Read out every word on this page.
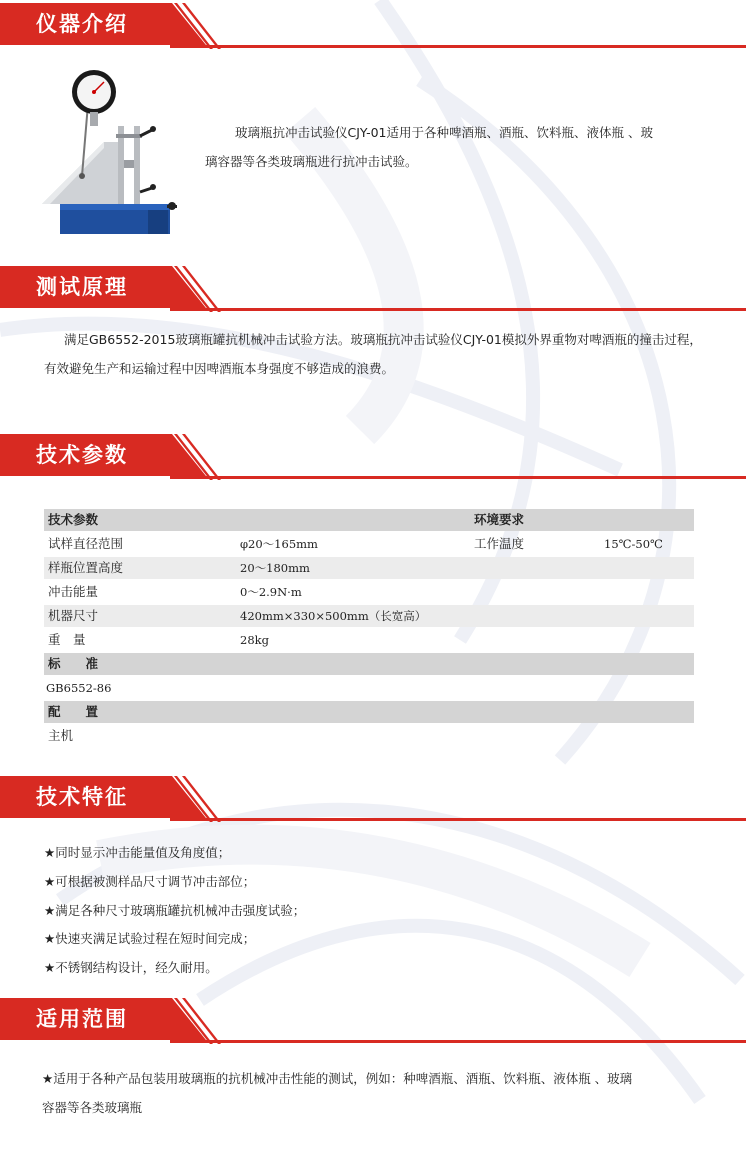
仪器介绍
玻璃瓶抗冲击试验仪CJY-01适用于各种啤酒瓶、酒瓶、饮料瓶、液体瓶 、玻
璃容器等各类玻璃瓶进行抗冲击试验。
测试原理
满足GB6552-2015玻璃瓶罐抗机械冲击试验方法。玻璃瓶抗冲击试验仪CJY-01模拟外界重物对啤酒瓶的撞击过程，
有效避免生产和运输过程中因啤酒瓶本身强度不够造成的浪费。
技术参数
技术参数	环境要求
试样直径范围	φ20～165mm	工作温度	15℃-50℃
样瓶位置高度	20～180mm
冲击能量	0～2.9N·m
机器尺寸	420mm×330×500mm（长宽高）
重　量	28kg
标　　准
GB6552-86
配　　置
主机
技术特征
★同时显示冲击能量值及角度值；
★可根据被测样品尺寸调节冲击部位；
★满足各种尺寸玻璃瓶罐抗机械冲击强度试验；
★快速夹满足试验过程在短时间完成；
★不锈钢结构设计，经久耐用。
适用范围
★适用于各种产品包装用玻璃瓶的抗机械冲击性能的测试，例如：种啤酒瓶、酒瓶、饮料瓶、液体瓶 、玻璃
容器等各类玻璃瓶
